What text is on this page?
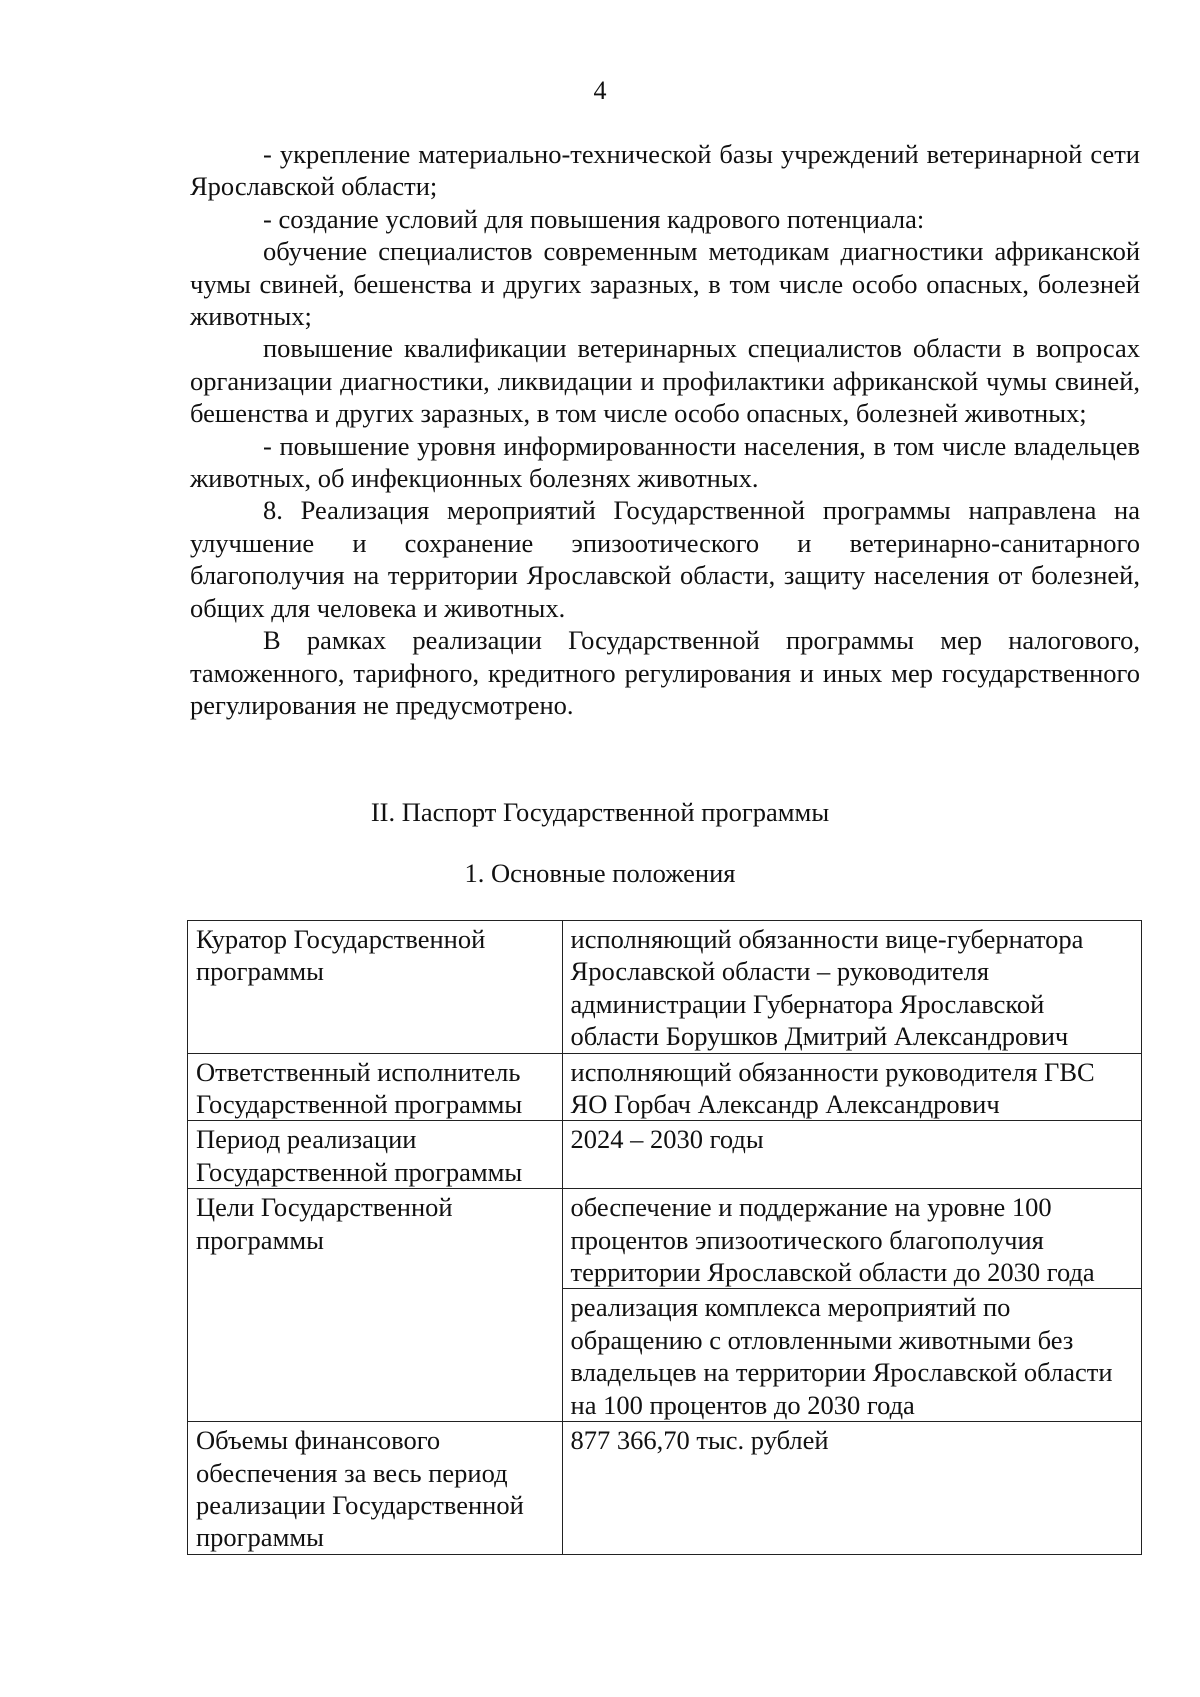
4

- укрепление материально-технической базы учреждений ветеринарной сети Ярославской области;

- создание условий для повышения кадрового потенциала:

обучение специалистов современным методикам диагностики африканской чумы свиней, бешенства и других заразных, в том числе особо опасных, болезней животных;

повышение квалификации ветеринарных специалистов области в вопросах организации диагностики, ликвидации и профилактики африканской чумы свиней, бешенства и других заразных, в том числе особо опасных, болезней животных;

- повышение уровня информированности населения, в том числе владельцев животных, об инфекционных болезнях животных.

8. Реализация мероприятий Государственной программы направлена на улучшение и сохранение эпизоотического и ветеринарно-санитарного благополучия на территории Ярославской области, защиту населения от болезней, общих для человека и животных.

В рамках реализации Государственной программы мер налогового, таможенного, тарифного, кредитного регулирования и иных мер государственного регулирования не предусмотрено.

II. Паспорт Государственной программы
1. Основные положения
Куратор Государственной программы	исполняющий обязанности вице-губернатора Ярославской области – руководителя администрации Губернатора Ярославской области Борушков Дмитрий Александрович
Ответственный исполнитель Государственной программы	исполняющий обязанности руководителя ГВС ЯО Горбач Александр Александрович
Период реализации Государственной программы	2024 – 2030 годы
Цели Государственной программы	обеспечение и поддержание на уровне 100 процентов эпизоотического благополучия территории Ярославской области до 2030 года
	реализация комплекса мероприятий по обращению с отловленными животными без владельцев на территории Ярославской области на 100 процентов до 2030 года
Объемы финансового обеспечения за весь период реализации Государственной программы	877 366,70 тыс. рублей
